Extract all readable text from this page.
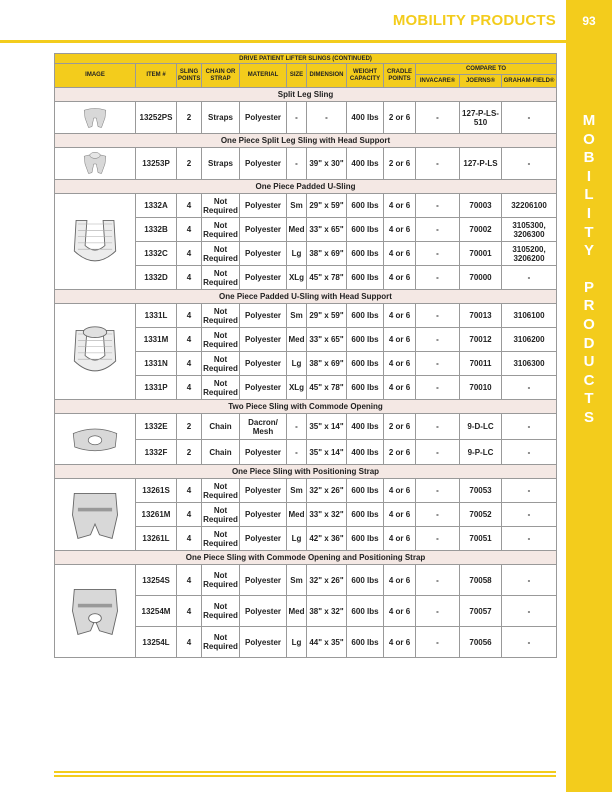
MOBILITY PRODUCTS	93
M
O
B
I
L
I
T
Y
P
R
O
D
U
C
T
S
DRIVE PATIENT LIFTER SLINGS (CONTINUED)											
IMAGE	ITEM #	SLING POINTS	CHAIN OR STRAP	MATERIAL	SIZE	DIMENSION	WEIGHT CAPACITY	CRADLE POINTS	COMPARE TO		
									INVACARE®	JOERNS®	GRAHAM-FIELD®
Split Leg Sling											

	13252PS	2	Straps	Polyester	-	-	400 lbs	2 or 6	-	127-P-LS-510	-
One Piece Split Leg Sling with Head Support											

	13253P	2	Straps	Polyester	-	39" x 30"	400 lbs	2 or 6	-	127-P-LS	-
One Piece Padded U-Sling											

	1332A	4	Not Required	Polyester	Sm	29" x 59"	600 lbs	4 or 6	-	70003	32206100
	1332B	4	Not Required	Polyester	Med	33" x 65"	600 lbs	4 or 6	-	70002	3105300, 3206300
	1332C	4	Not Required	Polyester	Lg	38" x 69"	600 lbs	4 or 6	-	70001	3105200, 3206200
	1332D	4	Not Required	Polyester	XLg	45" x 78"	600 lbs	4 or 6	-	70000	-
One Piece Padded U-Sling with Head Support											

	1331L	4	Not Required	Polyester	Sm	29" x 59"	600 lbs	4 or 6	-	70013	3106100
	1331M	4	Not Required	Polyester	Med	33" x 65"	600 lbs	4 or 6	-	70012	3106200
	1331N	4	Not Required	Polyester	Lg	38" x 69"	600 lbs	4 or 6	-	70011	3106300
	1331P	4	Not Required	Polyester	XLg	45" x 78"	600 lbs	4 or 6	-	70010	-
Two Piece Sling with Commode Opening											

	1332E	2	Chain	Dacron/ Mesh	-	35" x 14"	400 lbs	2 or 6	-	9-D-LC	-
	1332F	2	Chain	Polyester	-	35" x 14"	400 lbs	2 or 6	-	9-P-LC	-
One Piece Sling with Positioning Strap											

	13261S	4	Not Required	Polyester	Sm	32" x 26"	600 lbs	4 or 6	-	70053	-
	13261M	4	Not Required	Polyester	Med	33" x 32"	600 lbs	4 or 6	-	70052	-
	13261L	4	Not Required	Polyester	Lg	42" x 36"	600 lbs	4 or 6	-	70051	-
One Piece Sling with Commode Opening and Positioning Strap											

	13254S	4	Not Required	Polyester	Sm	32" x 26"	600 lbs	4 or 6	-	70058	-
	13254M	4	Not Required	Polyester	Med	38" x 32"	600 lbs	4 or 6	-	70057	-
	13254L	4	Not Required	Polyester	Lg	44" x 35"	600 lbs	4 or 6	-	70056	-
